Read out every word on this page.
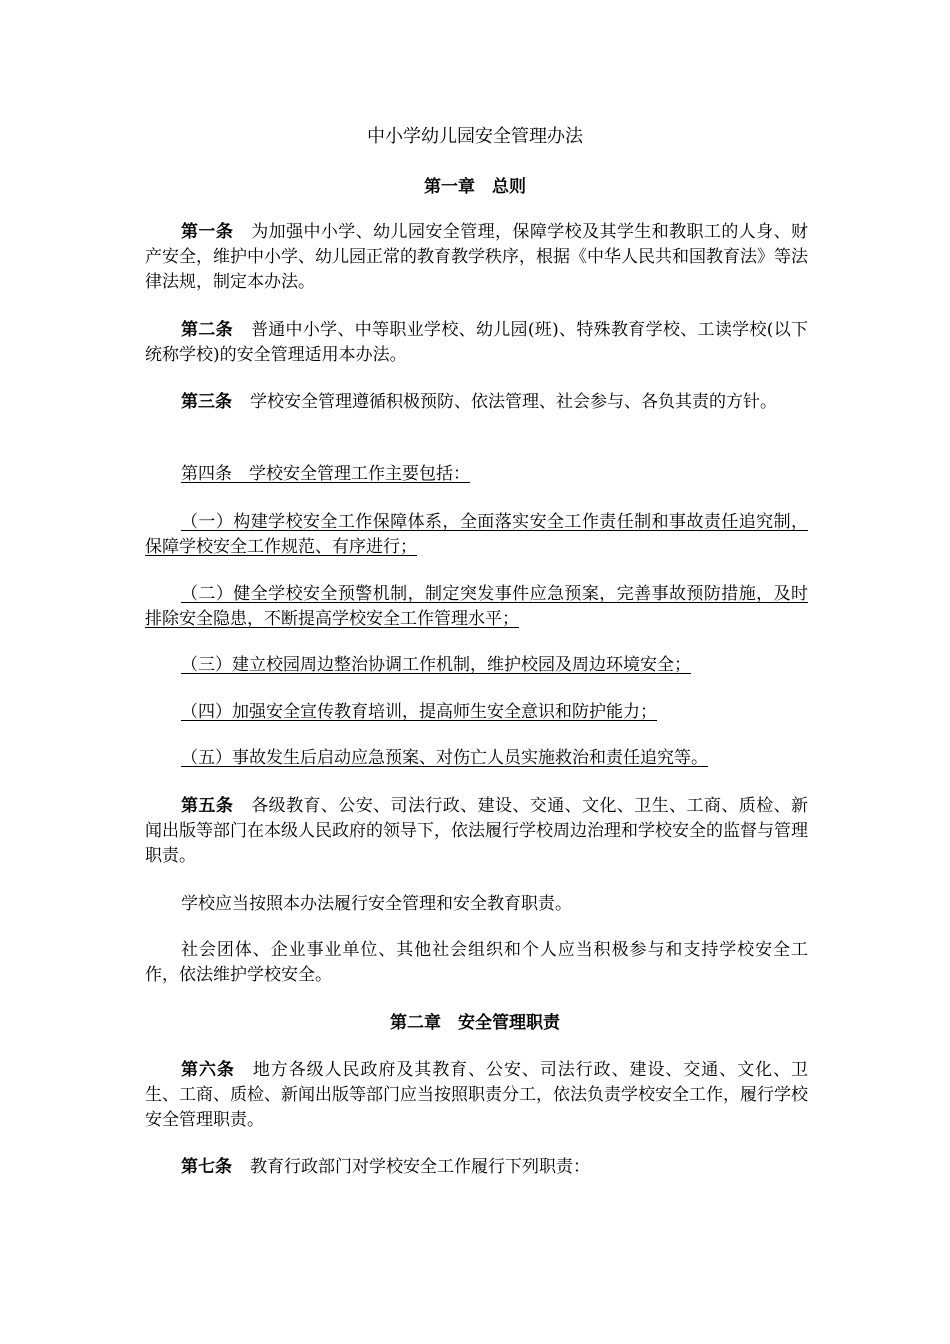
中小学幼儿园安全管理办法
第一章　总则
第一条 为加强中小学、幼儿园安全管理，保障学校及其学生和教职工的人身、财产安全，维护中小学、幼儿园正常的教育教学秩序，根据《中华人民共和国教育法》等法律法规，制定本办法。
第二条 普通中小学、中等职业学校、幼儿园(班)、特殊教育学校、工读学校(以下统称学校)的安全管理适用本办法。
第三条 学校安全管理遵循积极预防、依法管理、社会参与、各负其责的方针。
第四条　学校安全管理工作主要包括：
（一）构建学校安全工作保障体系，全面落实安全工作责任制和事故责任追究制，保障学校安全工作规范、有序进行；
（二）健全学校安全预警机制，制定突发事件应急预案，完善事故预防措施，及时排除安全隐患，不断提高学校安全工作管理水平；
（三）建立校园周边整治协调工作机制，维护校园及周边环境安全；
（四）加强安全宣传教育培训，提高师生安全意识和防护能力；
（五）事故发生后启动应急预案、对伤亡人员实施救治和责任追究等。
第五条 各级教育、公安、司法行政、建设、交通、文化、卫生、工商、质检、新闻出版等部门在本级人民政府的领导下，依法履行学校周边治理和学校安全的监督与管理职责。
学校应当按照本办法履行安全管理和安全教育职责。
社会团体、企业事业单位、其他社会组织和个人应当积极参与和支持学校安全工作，依法维护学校安全。
第二章　安全管理职责
第六条 地方各级人民政府及其教育、公安、司法行政、建设、交通、文化、卫生、工商、质检、新闻出版等部门应当按照职责分工，依法负责学校安全工作，履行学校安全管理职责。
第七条 教育行政部门对学校安全工作履行下列职责：
